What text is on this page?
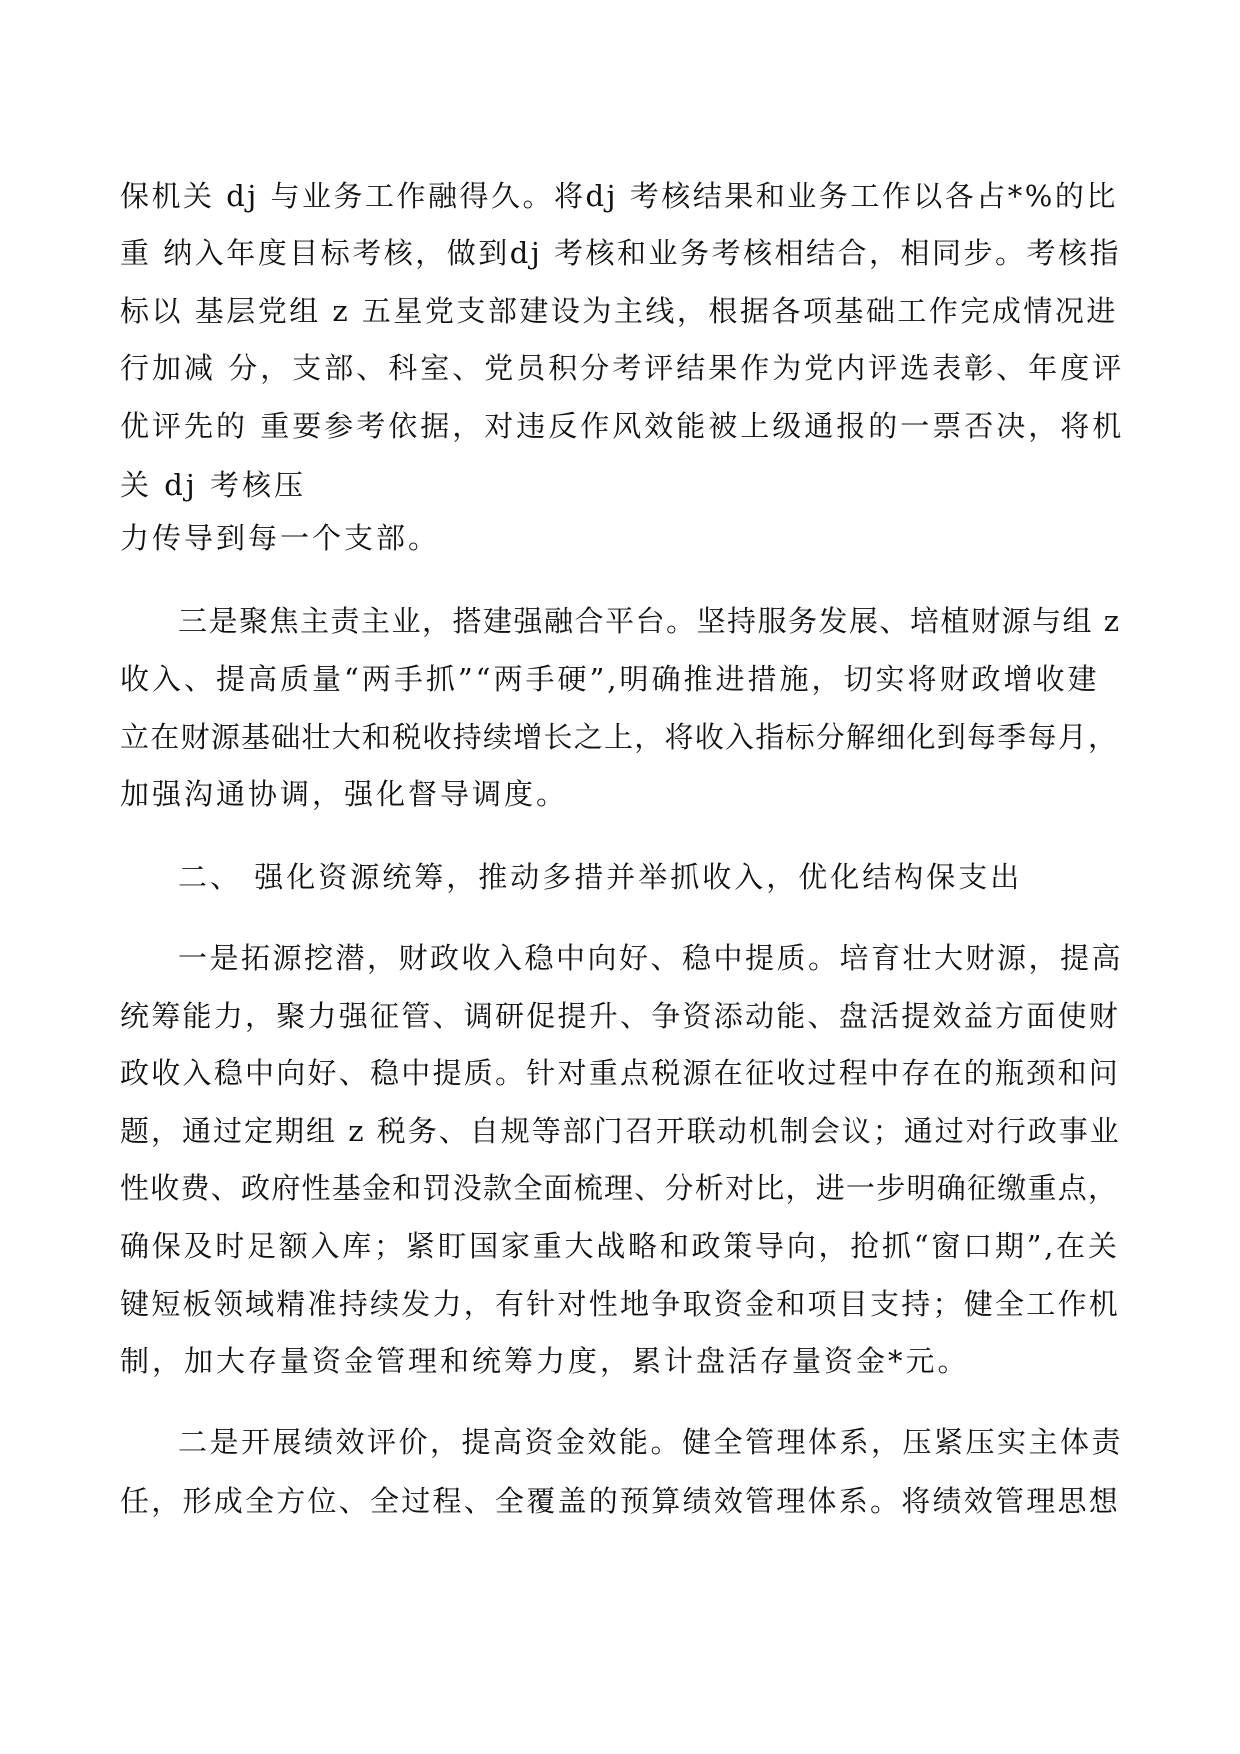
保机关 dj 与业务工作融得久。将dj 考核结果和业务工作以各占*%的比
重 纳入年度目标考核，做到dj 考核和业务考核相结合，相同步。考核指
标以 基层党组 z 五星党支部建设为主线，根据各项基础工作完成情况进
行加减 分，支部、科室、党员积分考评结果作为党内评选表彰、年度评
优评先的 重要参考依据，对违反作风效能被上级通报的一票否决，将机
关 dj 考核压
力传导到每一个支部。
三是聚焦主责主业，搭建强融合平台。坚持服务发展、培植财源与组 z
收入、提高质量“两手抓”“两手硬”,明确推进措施，切实将财政增收建
立在财源基础壮大和税收持续增长之上，将收入指标分解细化到每季每月，
加强沟通协调，强化督导调度。
二、 强化资源统筹，推动多措并举抓收入，优化结构保支出
一是拓源挖潜，财政收入稳中向好、稳中提质。培育壮大财源，提高
统筹能力，聚力强征管、调研促提升、争资添动能、盘活提效益方面使财
政收入稳中向好、稳中提质。针对重点税源在征收过程中存在的瓶颈和问
题，通过定期组 z 税务、自规等部门召开联动机制会议；通过对行政事业
性收费、政府性基金和罚没款全面梳理、分析对比，进一步明确征缴重点，
确保及时足额入库；紧盯国家重大战略和政策导向，抢抓“窗口期”,在关
键短板领域精准持续发力，有针对性地争取资金和项目支持；健全工作机
制，加大存量资金管理和统筹力度，累计盘活存量资金*元。
二是开展绩效评价，提高资金效能。健全管理体系，压紧压实主体责
任，形成全方位、全过程、全覆盖的预算绩效管理体系。将绩效管理思想
